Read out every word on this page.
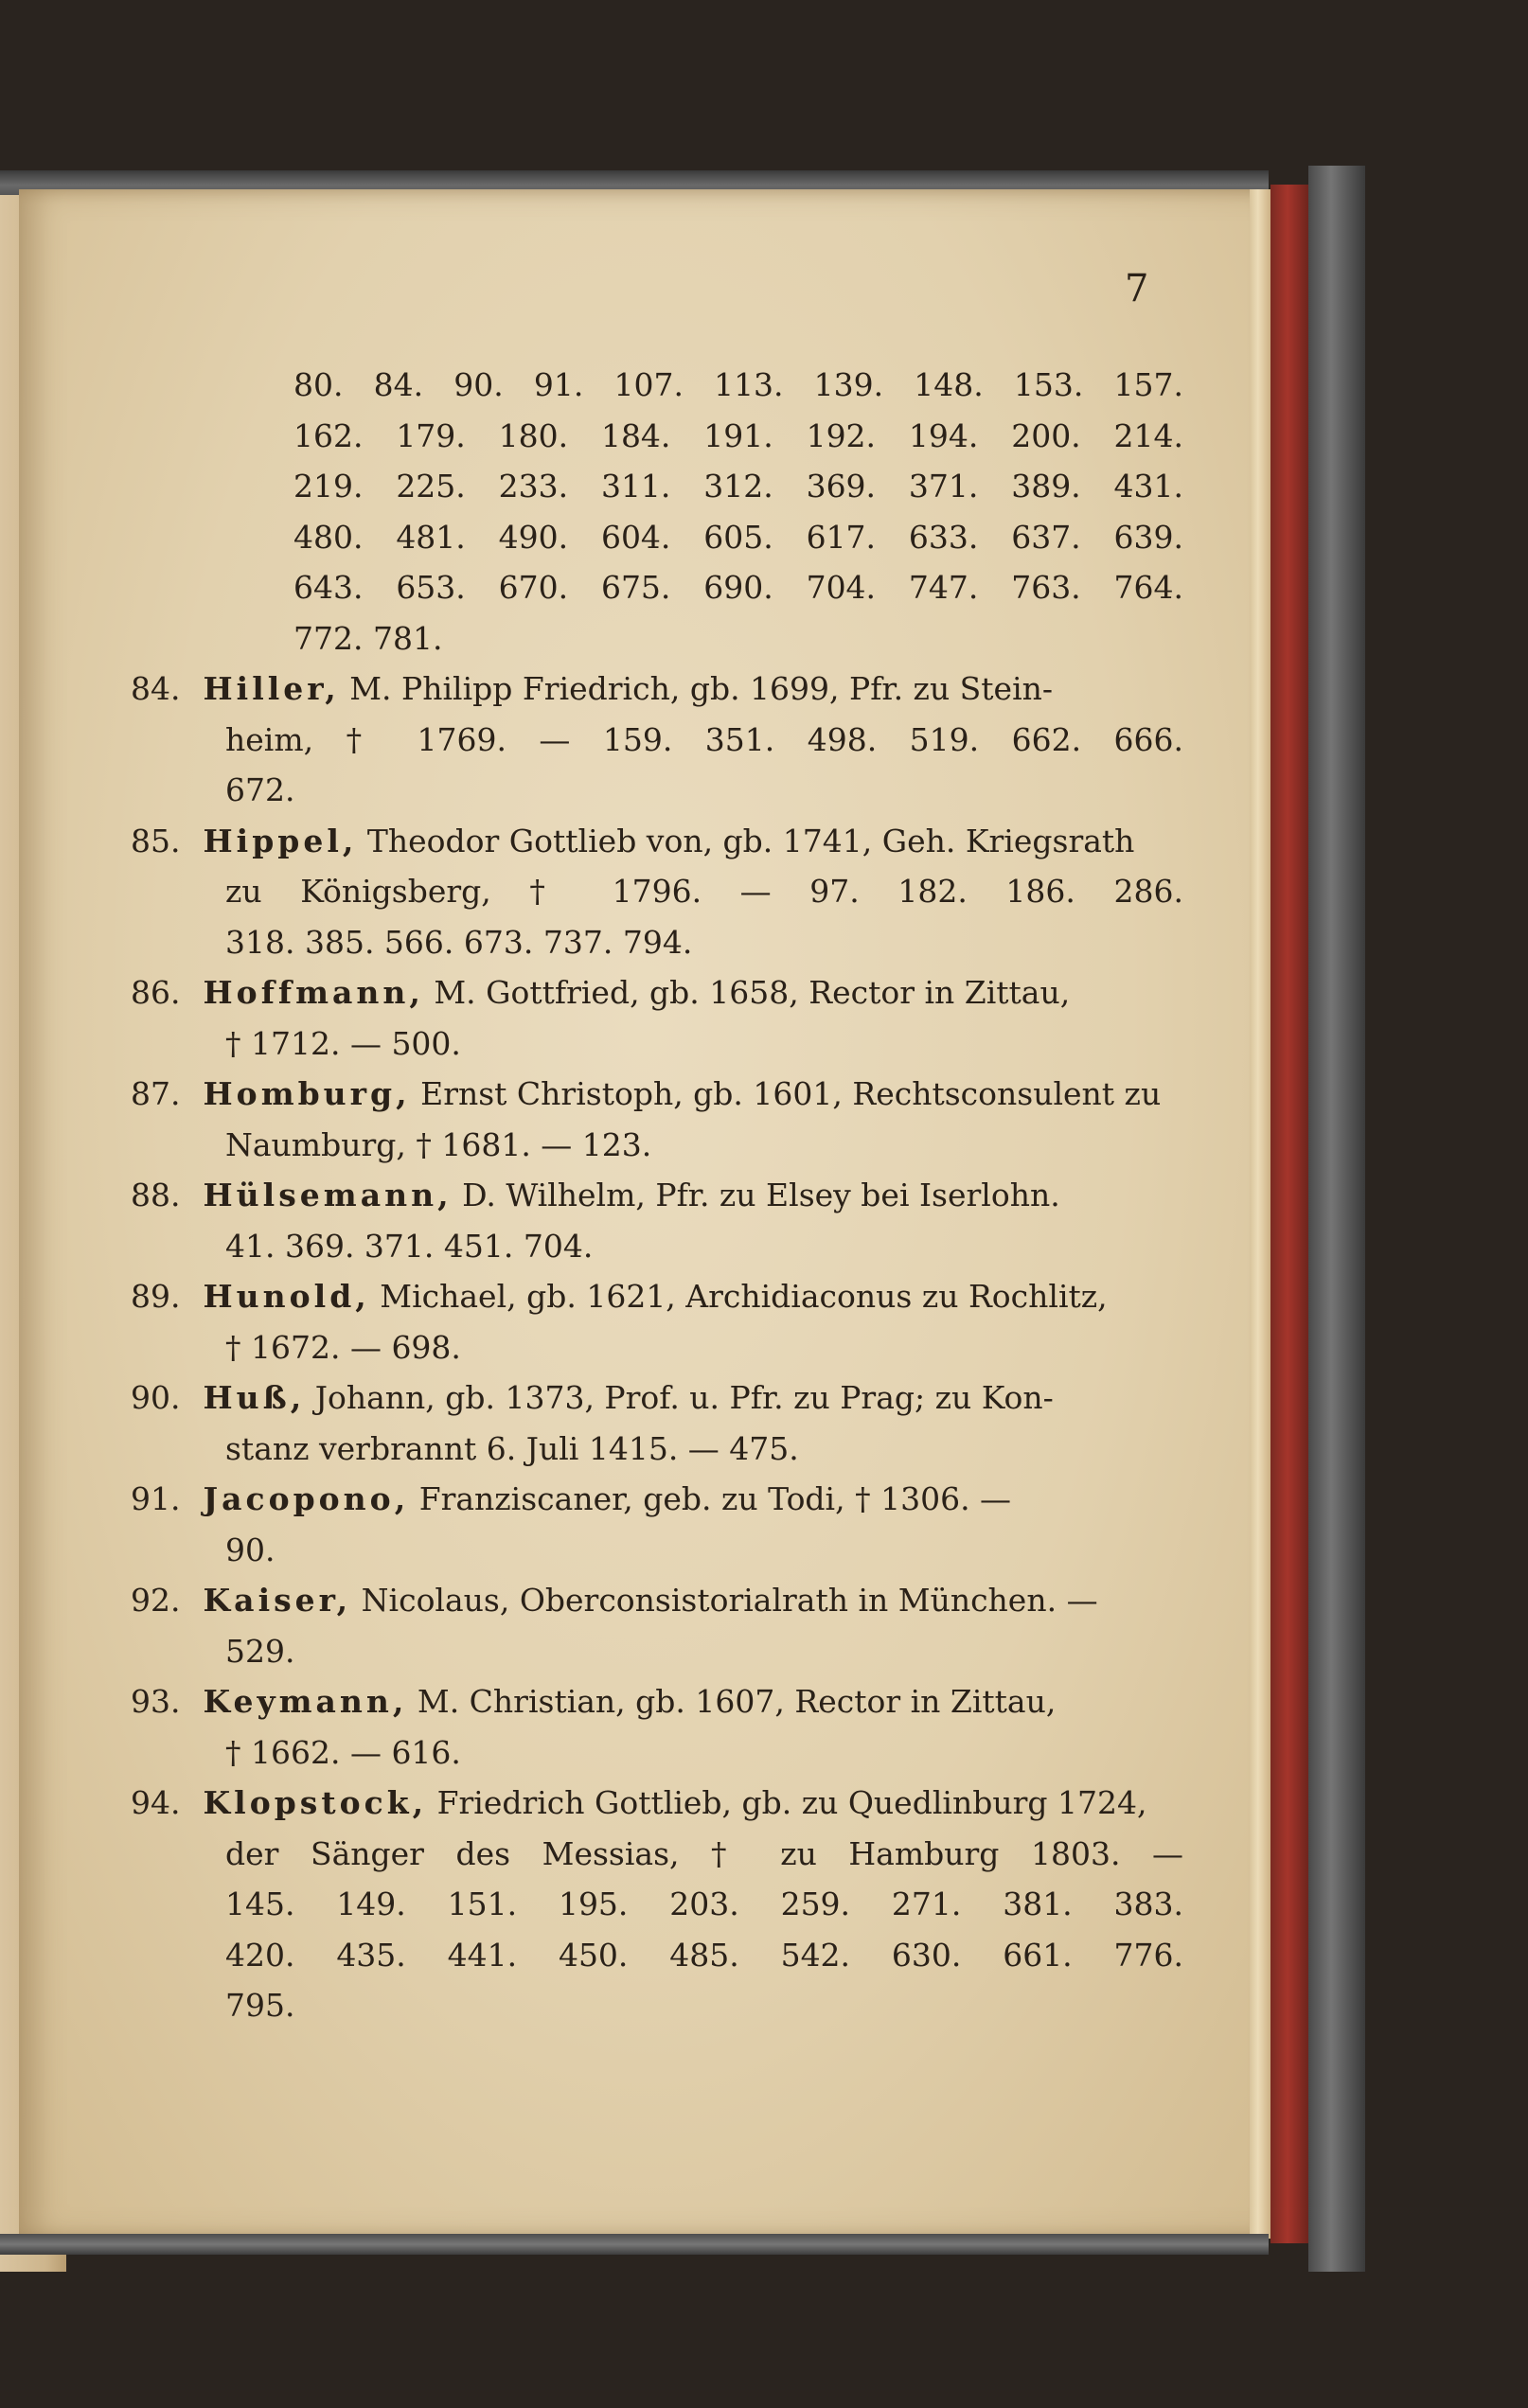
7
80. 84. 90. 91. 107. 113. 139. 148. 153. 157.
162. 179. 180. 184. 191. 192. 194. 200. 214.
219. 225. 233. 311. 312. 369. 371. 389. 431.
480. 481. 490. 604. 605. 617. 633. 637. 639.
643. 653. 670. 675. 690. 704. 747. 763. 764.
772. 781.
84. Hiller, M. Philipp Friedrich, gb. 1699, Pfr. zu Stein-
heim, † 1769. — 159. 351. 498. 519. 662. 666.
672.
85. Hippel, Theodor Gottlieb von, gb. 1741, Geh. Kriegsrath
zu Königsberg, † 1796. — 97. 182. 186. 286.
318. 385. 566. 673. 737. 794.
86. Hoffmann, M. Gottfried, gb. 1658, Rector in Zittau,
† 1712. — 500.
87. Homburg, Ernst Christoph, gb. 1601, Rechtsconsulent zu
Naumburg, † 1681. — 123.
88. Hülsemann, D. Wilhelm, Pfr. zu Elsey bei Iserlohn.
41. 369. 371. 451. 704.
89. Hunold, Michael, gb. 1621, Archidiaconus zu Rochlitz,
† 1672. — 698.
90. Huß, Johann, gb. 1373, Prof. u. Pfr. zu Prag; zu Kon-
stanz verbrannt 6. Juli 1415. — 475.
91. Jacopono, Franziscaner, geb. zu Todi, † 1306. —
90.
92. Kaiser, Nicolaus, Oberconsistorialrath in München. —
529.
93. Keymann, M. Christian, gb. 1607, Rector in Zittau,
† 1662. — 616.
94. Klopstock, Friedrich Gottlieb, gb. zu Quedlinburg 1724,
der Sänger des Messias, † zu Hamburg 1803. —
145. 149. 151. 195. 203. 259. 271. 381. 383.
420. 435. 441. 450. 485. 542. 630. 661. 776.
795.
